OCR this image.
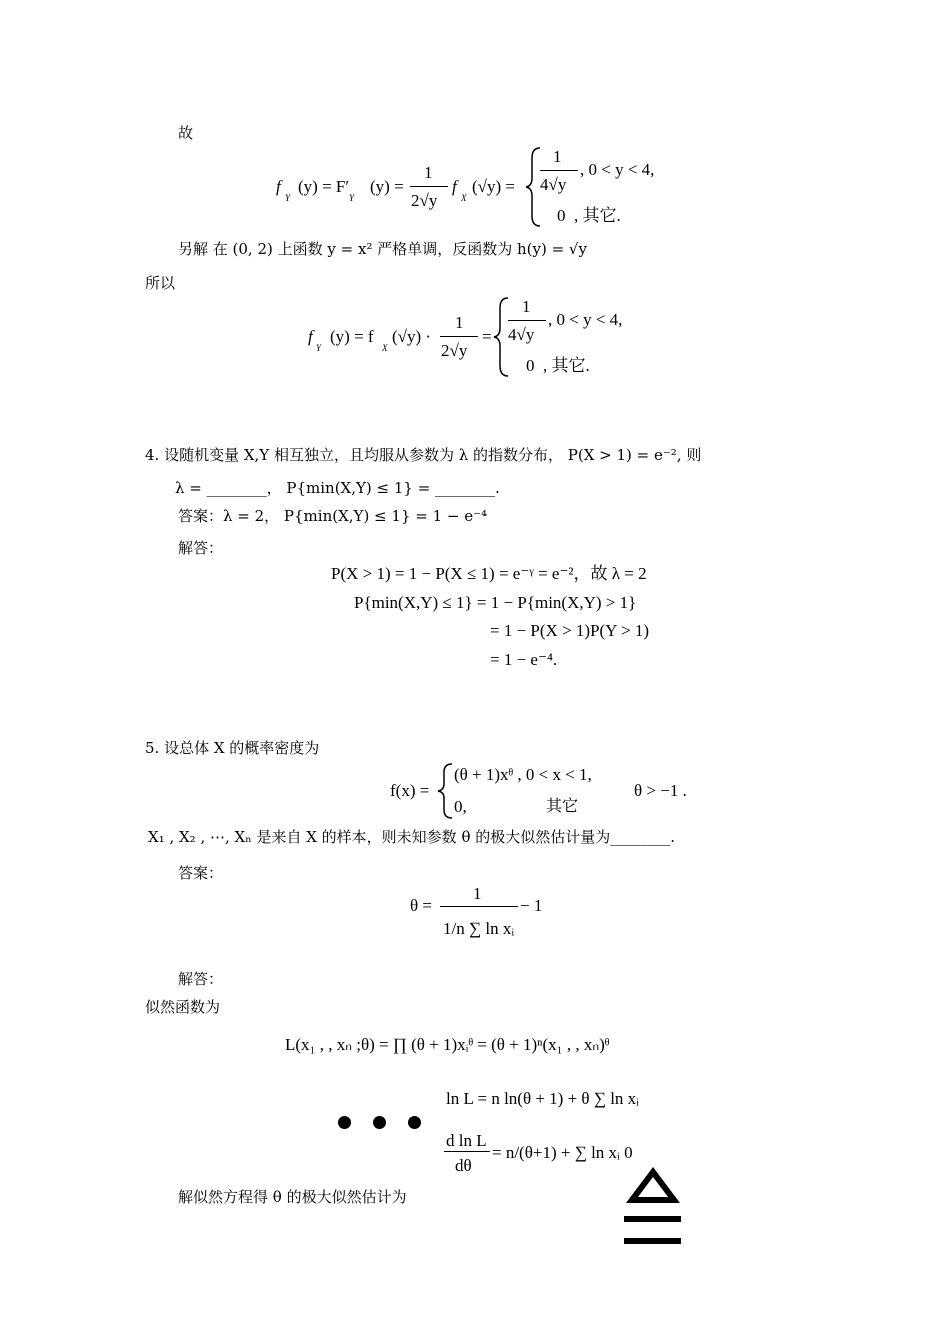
故
f
Y
(y) = F′
Y
(y) =
1
2√y
f
X
(√y) =
1
4√y
, 0 < y < 4,
0 , 其它.
另解 在 (0, 2) 上函数 y = x² 严格单调，反函数为 h(y) = √y
所以
f
Y
(y) = f
X
(√y) ·
1
2√y
=
1
4√y
, 0 < y < 4,
0 , 其它.
4. 设随机变量 X,Y 相互独立，且均服从参数为 λ 的指数分布， P(X > 1) = e⁻², 则
λ = ________， P{min(X,Y) ≤ 1} = ________.
答案：λ = 2， P{min(X,Y) ≤ 1} = 1 − e⁻⁴
解答：
P(X > 1) = 1 − P(X ≤ 1) = e⁻ᵞ = e⁻²，故 λ = 2
P{min(X,Y) ≤ 1} = 1 − P{min(X,Y) > 1}
= 1 − P(X > 1)P(Y > 1)
= 1 − e⁻⁴.
5. 设总体 X 的概率密度为
f(x) =
(θ + 1)xᶿ , 0 < x < 1,
0,	其它
θ > −1 .
X₁ , X₂ , ⋯, Xₙ 是来自 X 的样本，则未知参数 θ 的极大似然估计量为________.
答案：
θ =
1
1/n ∑ ln xᵢ
− 1
解答：
似然函数为
L(x₁ , , xₙ ;θ) = ∏ (θ + 1)xᵢᶿ = (θ + 1)ⁿ(x₁ , , xₙ)ᶿ
ln L = n ln(θ + 1) + θ ∑ ln xᵢ
d ln L
dθ
= n/(θ+1) + ∑ ln xᵢ 0
解似然方程得 θ 的极大似然估计为
